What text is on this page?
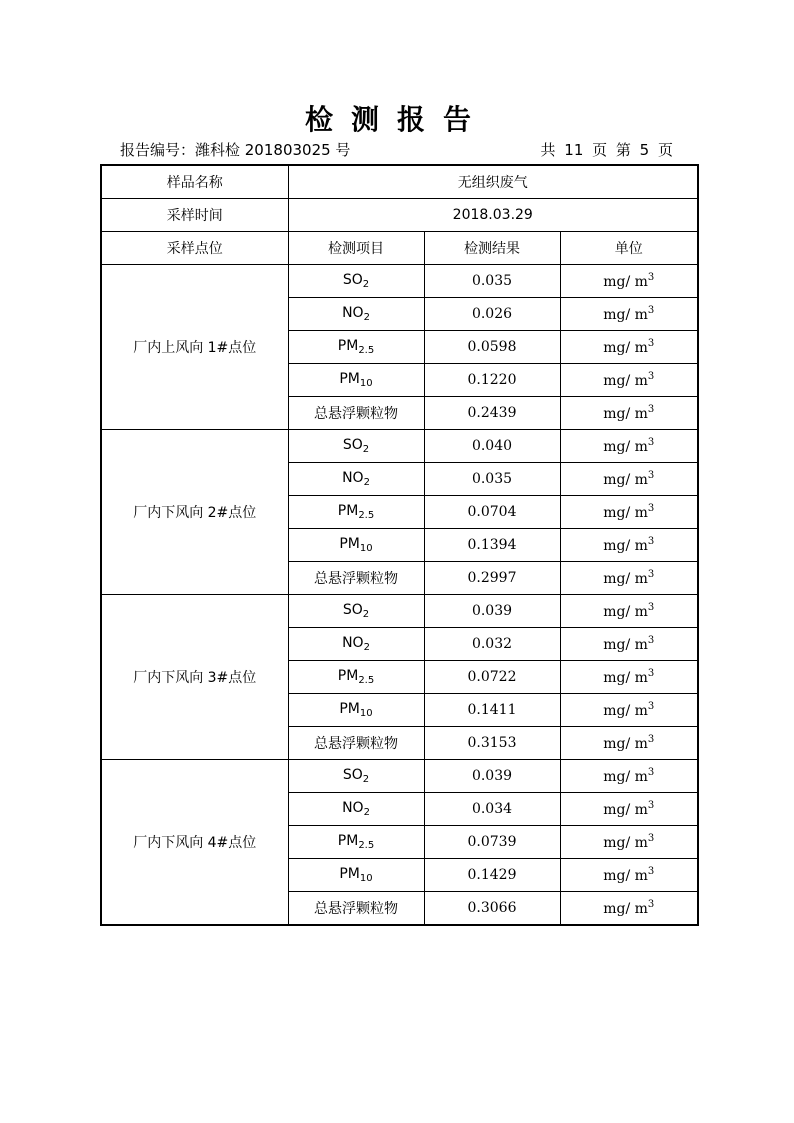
检测报告
报告编号：潍科检 201803025 号	共 11 页 第 5 页
样品名称	无组织废气		
采样时间	2018.03.29		
采样点位	检测项目	检测结果	单位
厂内上风向 1#点位	$SO_2$	0.035	mg/ $m^3$
	$NO_2$	0.026	mg/ $m^3$
	$PM_{2.5}$	0.0598	mg/ $m^3$
	$PM_{10}$	0.1220	mg/ $m^3$
	总悬浮颗粒物	0.2439	mg/ $m^3$
厂内下风向 2#点位	$SO_2$	0.040	mg/ $m^3$
	$NO_2$	0.035	mg/ $m^3$
	$PM_{2.5}$	0.0704	mg/ $m^3$
	$PM_{10}$	0.1394	mg/ $m^3$
	总悬浮颗粒物	0.2997	mg/ $m^3$
厂内下风向 3#点位	$SO_2$	0.039	mg/ $m^3$
	$NO_2$	0.032	mg/ $m^3$
	$PM_{2.5}$	0.0722	mg/ $m^3$
	$PM_{10}$	0.1411	mg/ $m^3$
	总悬浮颗粒物	0.3153	mg/ $m^3$
厂内下风向 4#点位	$SO_2$	0.039	mg/ $m^3$
	$NO_2$	0.034	mg/ $m^3$
	$PM_{2.5}$	0.0739	mg/ $m^3$
	$PM_{10}$	0.1429	mg/ $m^3$
	总悬浮颗粒物	0.3066	mg/ $m^3$
